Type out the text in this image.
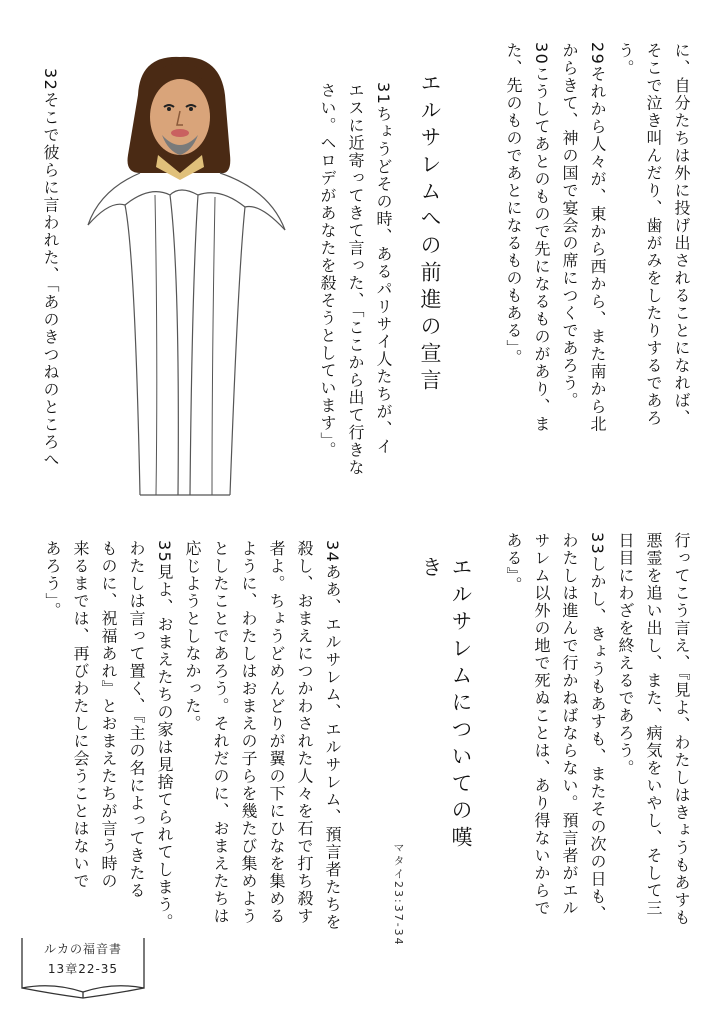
に、自分たちは外に投げ出されることになれば、
そこで泣き叫んだり、歯がみをしたりするであろ
う。
29それから人々が、東から西から、また南から北
からきて、神の国で宴会の席につくであろう。
30こうしてあとのもので先になるものがあり、ま
た、先のものであとになるものもある」。
エルサレムへの前進の宣言
31ちょうどその時、あるパリサイ人たちが、イ
エスに近寄ってきて言った、「ここから出て行きな
さい。ヘロデがあなたを殺そうとしています」。
32そこで彼らに言われた、「あのきつねのところへ
行ってこう言え、『見よ、わたしはきょうもあすも
悪霊を追い出し、また、病気をいやし、そして三
日目にわざを終えるであろう。
33しかし、きょうもあすも、またその次の日も、
わたしは進んで行かねばならない。預言者がエル
サレム以外の地で死ぬことは、あり得ないからで
ある』。
エルサレムについての嘆き
マタイ23:37-34
34ああ、エルサレム、エルサレム、預言者たちを
殺し、おまえにつかわされた人々を石で打ち殺す
者よ。ちょうどめんどりが翼の下にひなを集める
ように、わたしはおまえの子らを幾たび集めよう
としたことであろう。それだのに、おまえたちは
応じようとしなかった。
35見よ、おまえたちの家は見捨てられてしまう。
わたしは言って置く、『主の名によってきたる
ものに、祝福あれ』とおまえたちが言う時の
来るまでは、再びわたしに会うことはないで
あろう」。
ルカの福音書
13章22-35
